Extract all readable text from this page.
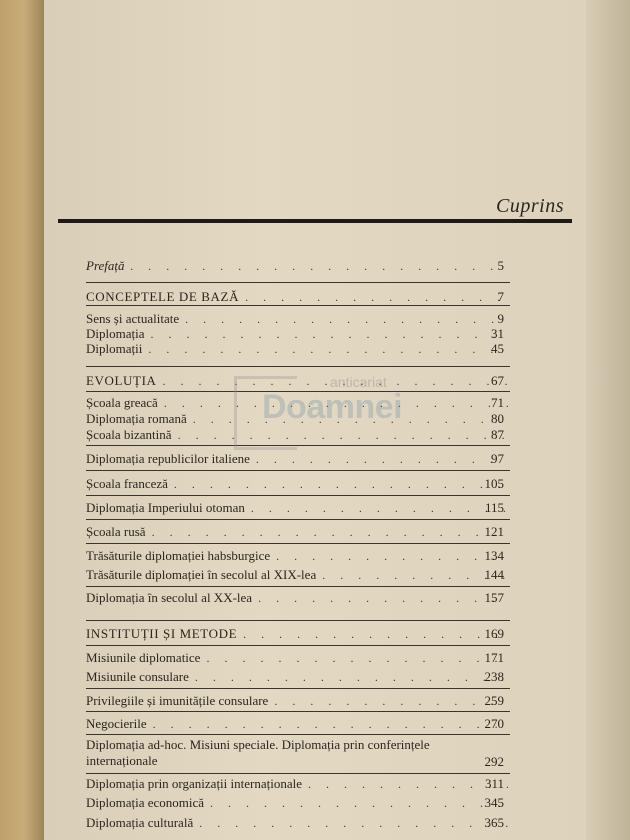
Cuprins
Prefață . . .	5
CONCEPTELE DE BAZĂ . . .	7
Sens și actualitate . . .	9
Diplomația . . .	31
Diplomații . . .	45
EVOLUȚIA . . .	67
Școala greacă . . .	71
Diplomația romană . . .	80
Școala bizantină . . .	87
Diplomația republicilor italiene . . .	97
Școala franceză . . .	105
Diplomația Imperiului otoman . . .	115
Școala rusă . . .	121
Trăsăturile diplomației habsburgice . . .	134
Trăsăturile diplomației în secolul al XIX-lea . . .	144
Diplomația în secolul al XX-lea . . .	157
INSTITUȚII ȘI METODE . . .	169
Misiunile diplomatice . . .	171
Misiunile consulare . . .	238
Privilegiile și imunitățile consulare . . .	259
Negocierile . . .	270
Diplomația ad-hoc. Misiuni speciale. Diplomația prin conferințele
internaționale	292
Diplomația prin organizații internaționale . . .	311
Diplomația economică . . .	345
Diplomația culturală . . .	365
anticariat
Doamnei
